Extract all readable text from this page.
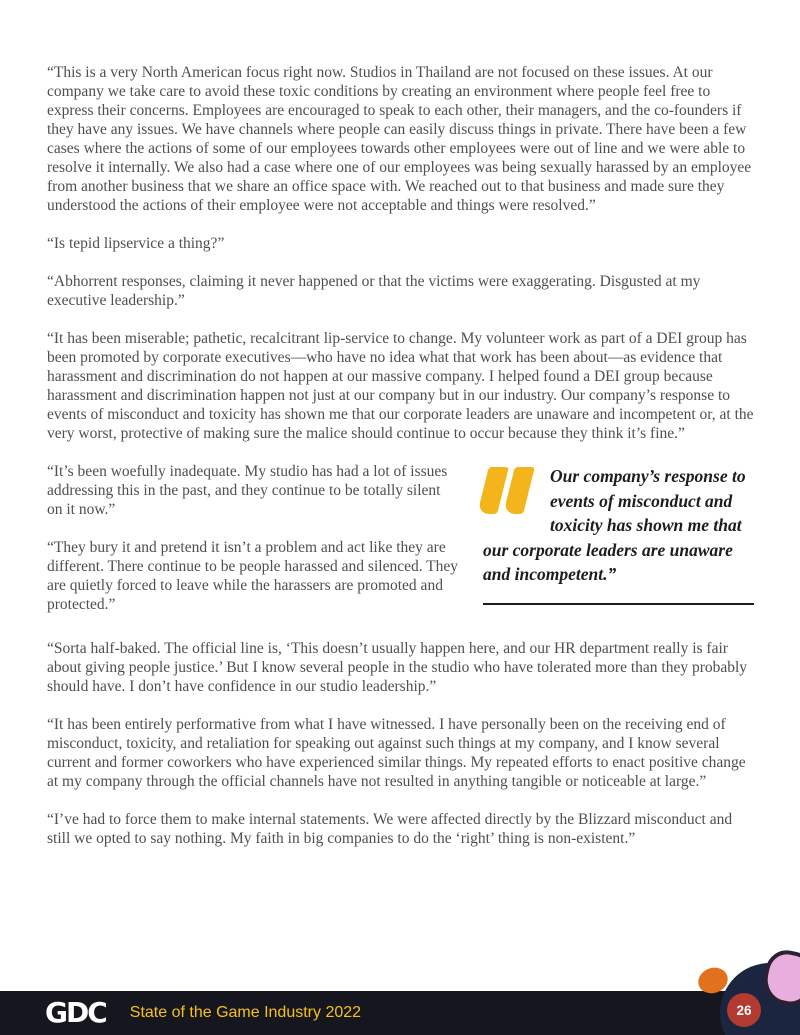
“This is a very North American focus right now. Studios in Thailand are not focused on these issues. At our company we take care to avoid these toxic conditions by creating an environment where people feel free to express their concerns. Employees are encouraged to speak to each other, their managers, and the co-founders if they have any issues. We have channels where people can easily discuss things in private. There have been a few cases where the actions of some of our employees towards other employees were out of line and we were able to resolve it internally. We also had a case where one of our employees was being sexually harassed by an employee from another business that we share an office space with. We reached out to that business and made sure they understood the actions of their employee were not acceptable and things were resolved.”

“Is tepid lipservice a thing?”

“Abhorrent responses, claiming it never happened or that the victims were exaggerating. Disgusted at my executive leadership.”

“It has been miserable; pathetic, recalcitrant lip-service to change. My volunteer work as part of a DEI group has been promoted by corporate executives—who have no idea what that work has been about—as evidence that harassment and discrimination do not happen at our massive company. I helped found a DEI group because harassment and discrimination happen not just at our company but in our industry. Our company’s response to events of misconduct and toxicity has shown me that our corporate leaders are unaware and incompetent or, at the very worst, protective of making sure the malice should continue to occur because they think it’s fine.”

“It’s been woefully inadequate. My studio has had a lot of issues addressing this in the past, and they continue to be totally silent on it now.”

“They bury it and pretend it isn’t a problem and act like they are different. There continue to be people harassed and silenced. They are quietly forced to leave while the harassers are promoted and protected.”

Our company’s response to events of misconduct and toxicity has shown me that our corporate leaders are unaware and incompetent.”

“Sorta half-baked. The official line is, ‘This doesn’t usually happen here, and our HR department really is fair about giving people justice.’ But I know several people in the studio who have tolerated more than they probably should have. I don’t have confidence in our studio leadership.”

“It has been entirely performative from what I have witnessed. I have personally been on the receiving end of misconduct, toxicity, and retaliation for speaking out against such things at my company, and I know several current and former coworkers who have experienced similar things. My repeated efforts to enact positive change at my company through the official channels have not resulted in anything tangible or noticeable at large.”

“I’ve had to force them to make internal statements. We were affected directly by the Blizzard misconduct and still we opted to say nothing. My faith in big companies to do the ‘right’ thing is non-existent.”

GDC State of the Game Industry 2022	26
